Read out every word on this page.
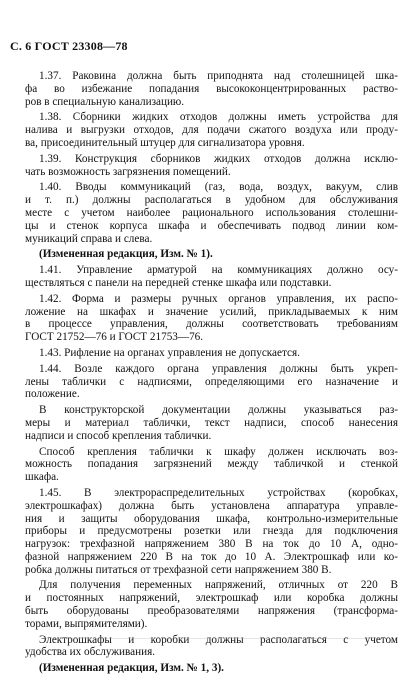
С. 6 ГОСТ 23308—78
1.37. Раковина должна быть приподнята над столешницей шка-
фа во избежание попадания высококонцентрированных раство-
ров в специальную канализацию.
1.38. Сборники жидких отходов должны иметь устройства для
налива и выгрузки отходов, для подачи сжатого воздуха или проду-
ва, присоединительный штуцер для сигнализатора уровня.
1.39. Конструкция сборников жидких отходов должна исклю-
чать возможность загрязнения помещений.
1.40. Вводы коммуникаций (газ, вода, воздух, вакуум, слив
и т. п.) должны располагаться в удобном для обслуживания
месте с учетом наиболее рационального использования столешни-
цы и стенок корпуса шкафа и обеспечивать подвод линии ком-
муникаций справа и слева.
(Измененная редакция, Изм. № 1).
1.41. Управление арматурой на коммуникациях должно осу-
ществляться с панели на передней стенке шкафа или подставки.
1.42. Форма и размеры ручных органов управления, их распо-
ложение на шкафах и значение усилий, прикладываемых к ним
в процессе управления, должны соответствовать требованиям
ГОСТ 21752—76 и ГОСТ 21753—76.
1.43. Рифление на органах управления не допускается.
1.44. Возле каждого органа управления должны быть укреп-
лены таблички с надписями, определяющими его назначение и
положение.
В конструкторской документации должны указываться раз-
меры и материал таблички, текст надписи, способ нанесения
надписи и способ крепления таблички.
Способ крепления таблички к шкафу должен исключать воз-
можность попадания загрязнений между табличкой и стенкой
шкафа.
1.45. В электрораспределительных устройствах (коробках,
электрошкафах) должна быть установлена аппаратура управле-
ния и защиты оборудования шкафа, контрольно-измерительные
приборы и предусмотрены розетки или гнезда для подключения
нагрузок: трехфазной напряжением 380 В на ток до 10 А, одно-
фазной напряжением 220 В на ток до 10 А. Электрошкаф или ко-
робка должны питаться от трехфазной сети напряжением 380 В.
Для получения переменных напряжений, отличных от 220 В
и постоянных напряжений, электрошкаф или коробка должны
быть оборудованы преобразователями напряжения (трансформа-
торами, выпрямителями).
Электрошкафы и коробки должны располагаться с учетом
удобства их обслуживания.
(Измененная редакция, Изм. № 1, 3).
